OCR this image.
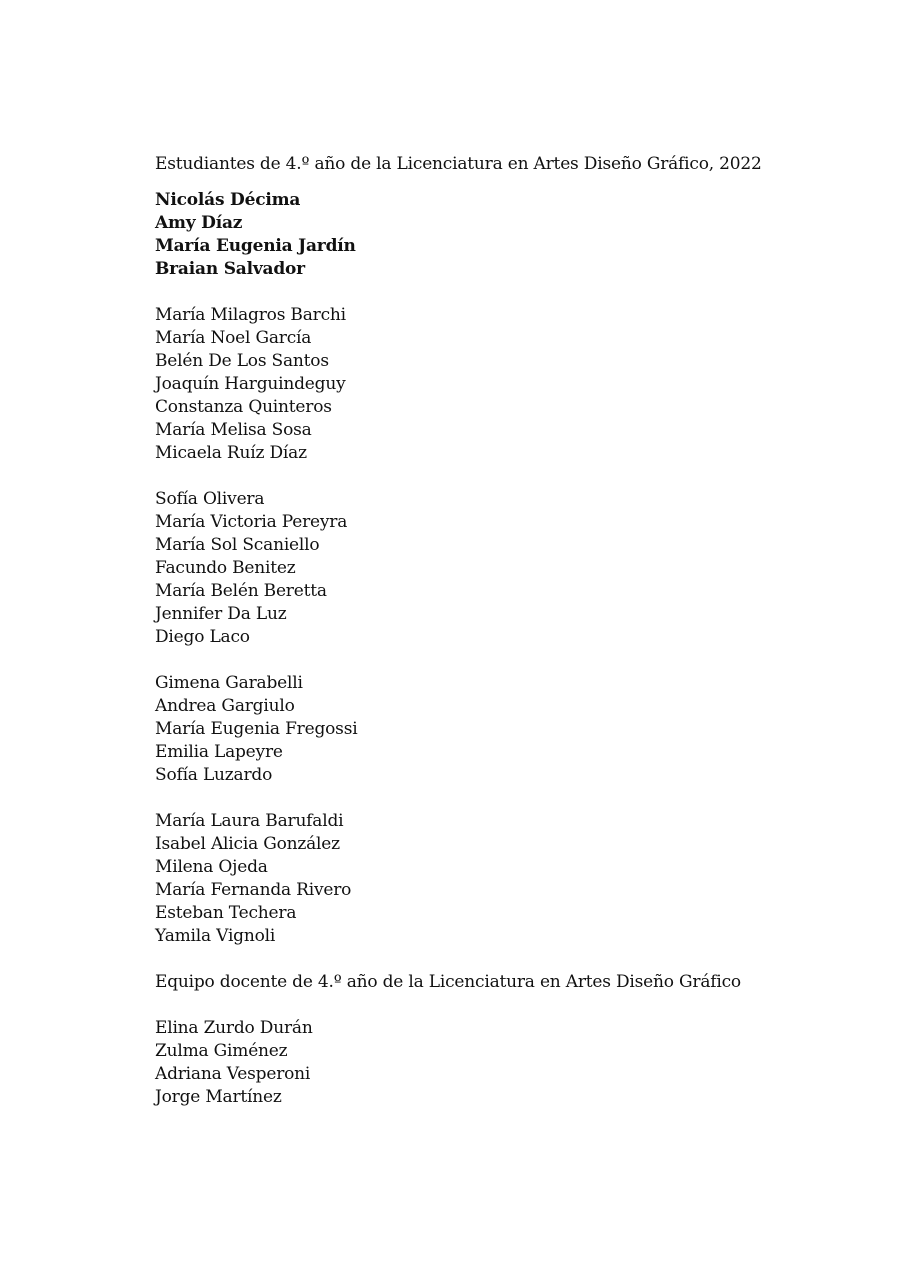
Estudiantes de 4.º año de la Licenciatura en Artes Diseño Gráfico, 2022

Nicolás Décima
Amy Díaz
María Eugenia Jardín
Braian Salvador
María Milagros Barchi
María Noel García
Belén De Los Santos
Joaquín Harguindeguy
Constanza Quinteros
María Melisa Sosa
Micaela Ruíz Díaz
Sofía Olivera
María Victoria Pereyra
María Sol Scaniello
Facundo Benitez
María Belén Beretta
Jennifer Da Luz
Diego Laco
Gimena Garabelli
Andrea Gargiulo
María Eugenia Fregossi
Emilia Lapeyre
Sofía Luzardo
María Laura Barufaldi
Isabel Alicia González
Milena Ojeda
María Fernanda Rivero
Esteban Techera
Yamila Vignoli

Equipo docente de 4.º año de la Licenciatura en Artes Diseño Gráfico

Elina Zurdo Durán
Zulma Giménez
Adriana Vesperoni
Jorge Martínez
